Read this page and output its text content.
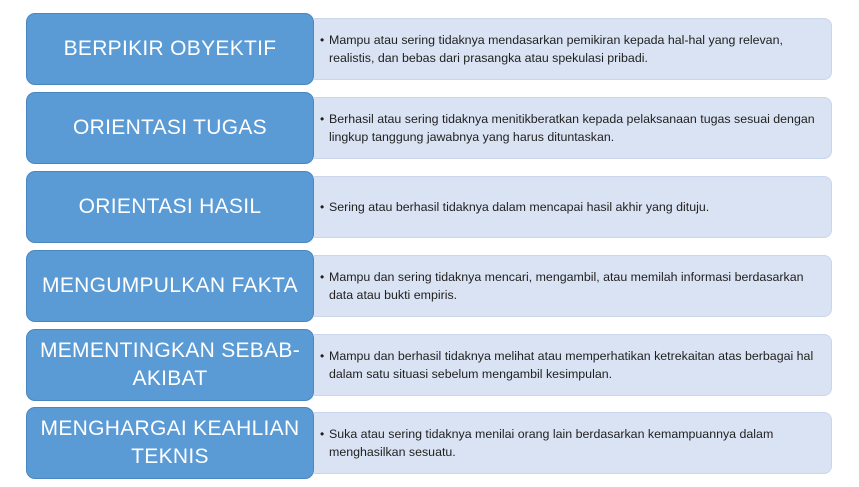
BERPIKIR OBYEKTIF	• Mampu atau sering tidaknya mendasarkan pemikiran kepada hal-hal yang relevan, realistis, dan bebas dari prasangka atau spekulasi pribadi.
ORIENTASI TUGAS	• Berhasil atau sering tidaknya menitikberatkan kepada pelaksanaan tugas sesuai dengan lingkup tanggung jawabnya yang harus dituntaskan.
ORIENTASI HASIL	• Sering atau berhasil tidaknya dalam mencapai hasil akhir yang dituju.
MENGUMPULKAN FAKTA • Mampu dan sering tidaknya mencari, mengambil, atau memilah informasi berdasarkan data atau bukti empiris.
MEMENTINGKAN SEBAB-AKIBAT
• Mampu dan berhasil tidaknya melihat atau memperhatikan ketrekaitan atas berbagai hal dalam satu situasi sebelum mengambil kesimpulan.
MENGHARGAI KEAHLIAN TEKNIS
• Suka atau sering tidaknya menilai orang lain berdasarkan kemampuannya dalam menghasilkan sesuatu.
